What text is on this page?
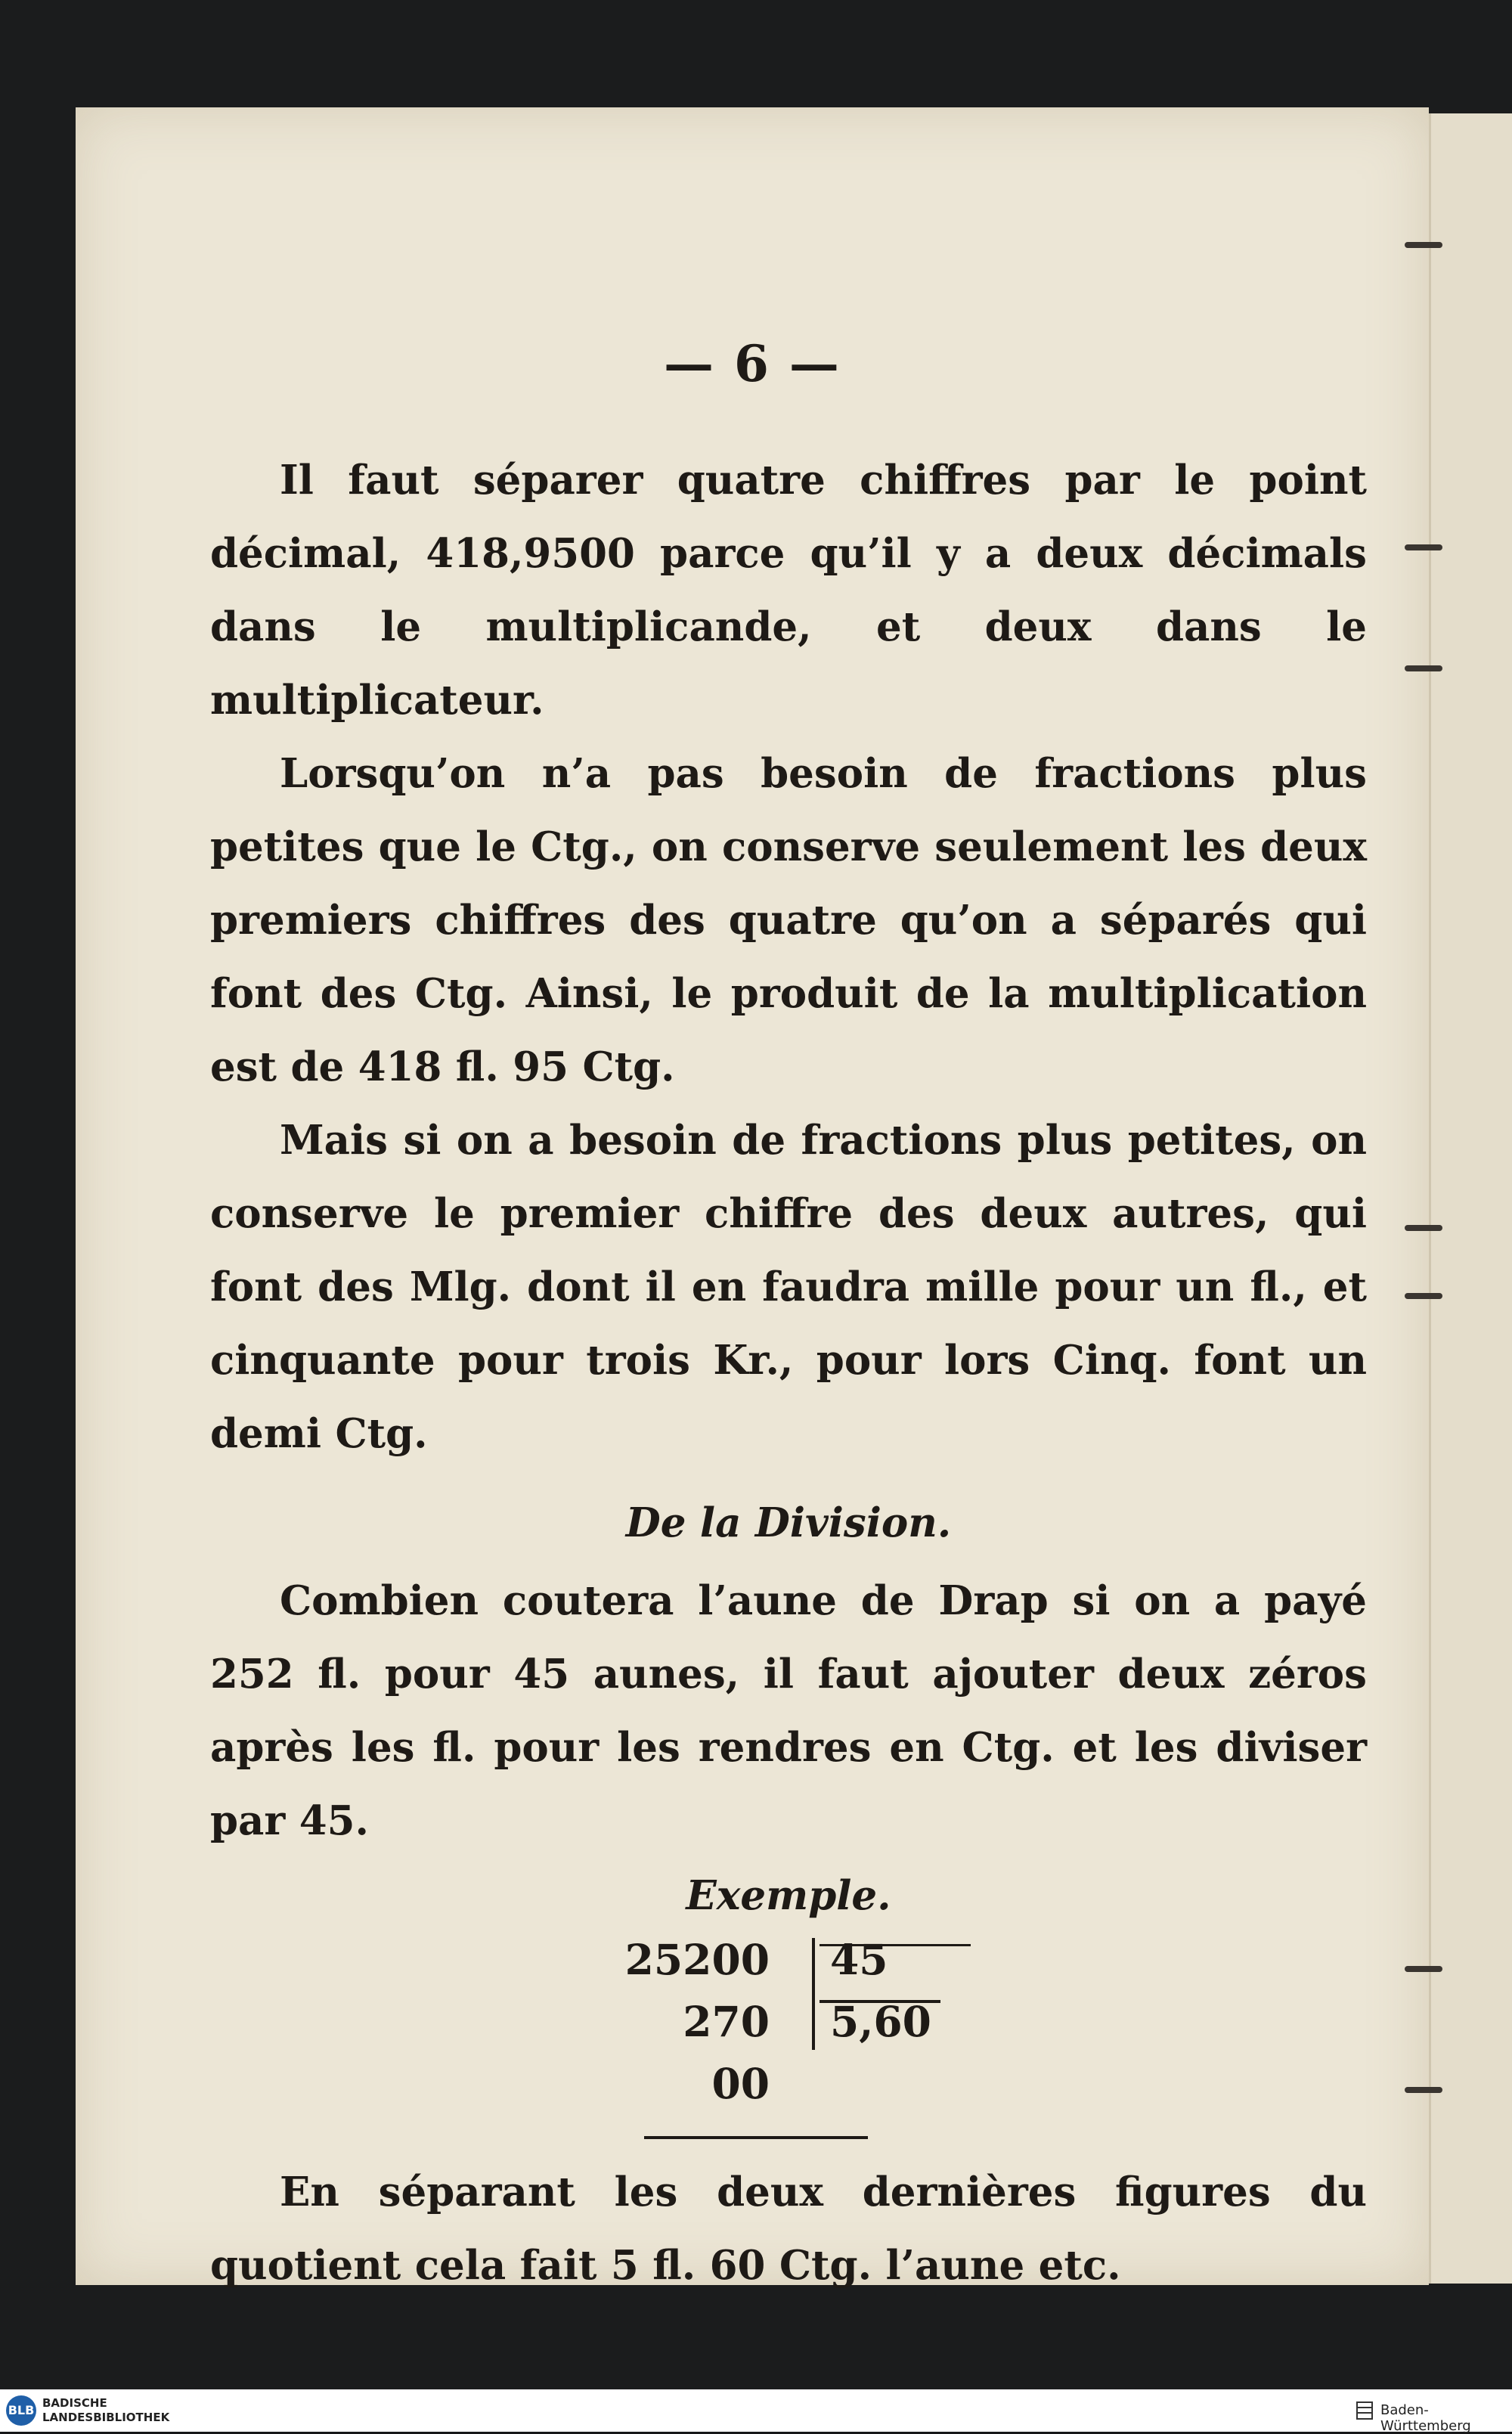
— 6 —

Il faut séparer quatre chiffres par le point décimal, 418,9500 parce qu’il y a deux décimals dans le multiplicande, et deux dans le multiplicateur.

Lorsqu’on n’a pas besoin de fractions plus petites que le Ctg., on conserve seulement les deux premiers chiffres des quatre qu’on a séparés qui font des Ctg. Ainsi, le produit de la multiplication est de 418 fl. 95 Ctg.

Mais si on a besoin de fractions plus petites, on conserve le premier chiffre des deux autres, qui font des Mlg. dont il en faudra mille pour un fl., et cinquante pour trois Kr., pour lors Cinq. font un demi Ctg.

De la Division.

Combien coutera l’aune de Drap si on a payé 252 fl. pour 45 aunes, il faut ajouter deux zéros après les fl. pour les rendres en Ctg. et les diviser par 45.

Exemple.
25200
270
00
45
5,60

En séparant les deux dernières figures du quotient cela fait 5 fl. 60 Ctg. l’aune etc.

BLB BADISCHE
LANDESBIBLIOTHEK	Baden-Württemberg
